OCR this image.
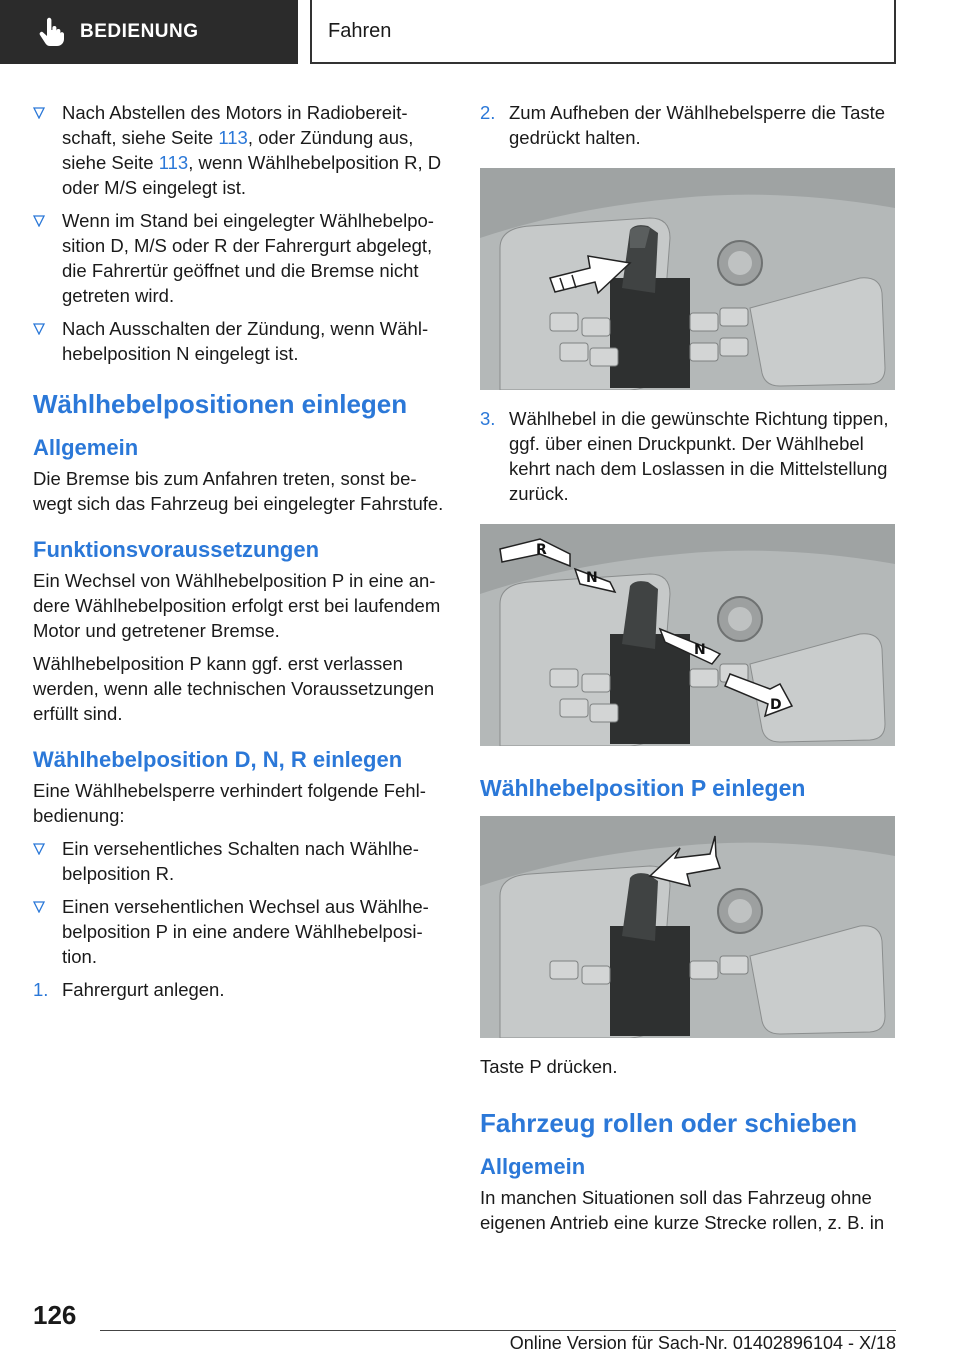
BEDIENUNG	Fahren
Nach Abstellen des Motors in Radiobereitschaft, siehe Seite 113, oder Zündung aus, siehe Seite 113, wenn Wählhebelposition R, D oder M/S eingelegt ist.
Wenn im Stand bei eingelegter Wählhebelposition D, M/S oder R der Fahrergurt abgelegt, die Fahrertür geöffnet und die Bremse nicht getreten wird.
Nach Ausschalten der Zündung, wenn Wählhebelposition N eingelegt ist.
Wählhebelpositionen einlegen
Allgemein

Die Bremse bis zum Anfahren treten, sonst bewegt sich das Fahrzeug bei eingelegter Fahrstufe.

Funktionsvoraussetzungen

Ein Wechsel von Wählhebelposition P in eine andere Wählhebelposition erfolgt erst bei laufendem Motor und getretener Bremse.

Wählhebelposition P kann ggf. erst verlassen werden, wenn alle technischen Voraussetzungen erfüllt sind.

Wählhebelposition D, N, R einlegen

Eine Wählhebelsperre verhindert folgende Fehlbedienung:

Ein versehentliches Schalten nach Wählhebelposition R.
Einen versehentlichen Wechsel aus Wählhebelposition P in eine andere Wählhebelposition.
1. Fahrergurt anlegen.
2. Zum Aufheben der Wählhebelsperre die Taste gedrückt halten.
3. Wählhebel in die gewünschte Richtung tippen, ggf. über einen Druckpunkt. Der Wählhebel kehrt nach dem Loslassen in die Mittelstellung zurück.
R
N
N
D
Wählhebelposition P einlegen

Taste P drücken.

Fahrzeug rollen oder schieben
Allgemein

In manchen Situationen soll das Fahrzeug ohne eigenen Antrieb eine kurze Strecke rollen, z. B. in

126
Online Version für Sach-Nr. 01402896104 - X/18
